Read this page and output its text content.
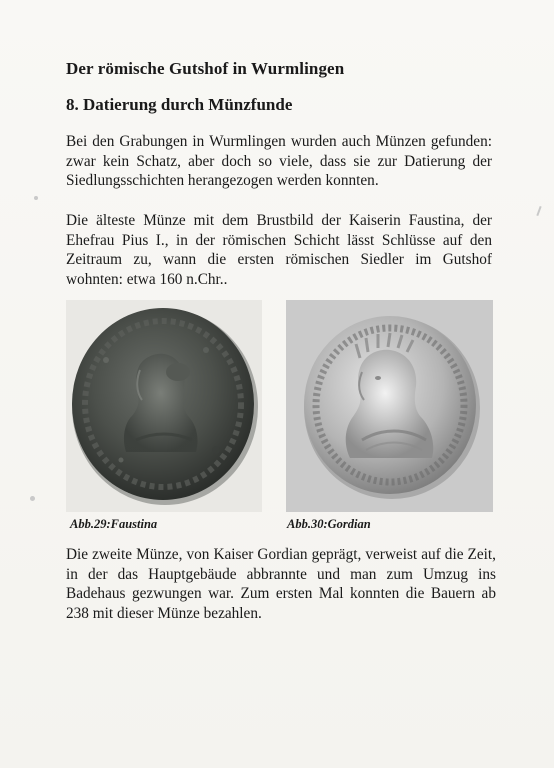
Der römische Gutshof in Wurmlingen
8. Datierung durch Münzfunde

Bei den Grabungen in Wurmlingen wurden auch Münzen gefunden: zwar kein Schatz, aber doch so viele, dass sie zur Datierung der Siedlungsschichten herangezogen werden konnten.

Die älteste Münze mit dem Brustbild der Kaiserin Faustina, der Ehefrau Pius I., in der römischen Schicht lässt Schlüsse auf den Zeitraum zu, wann die ersten römischen Siedler im Gutshof wohnten: etwa 160 n.Chr..

Abb.29:Faustina	Abb.30:Gordian

Die zweite Münze, von Kaiser Gordian geprägt, verweist auf die Zeit, in der das Hauptgebäude abbrannte und man zum Umzug ins Badehaus gezwungen war. Zum ersten Mal konnten die Bauern ab 238 mit dieser Münze bezahlen.
